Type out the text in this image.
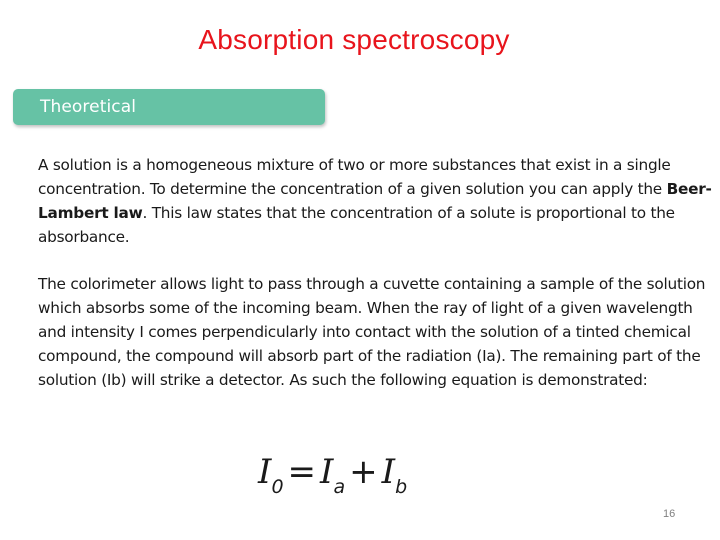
Absorption spectroscopy
Theoretical
A solution is a homogeneous mixture of two or more substances that exist in a single concentration. To determine the concentration of a given solution you can apply the Beer-Lambert law. This law states that the concentration of a solute is proportional to the absorbance.
The colorimeter allows light to pass through a cuvette containing a sample of the solution which absorbs some of the incoming beam. When the ray of light of a given wavelength and intensity I comes perpendicularly into contact with the solution of a tinted chemical compound, the compound will absorb part of the radiation (Ia). The remaining part of the solution (Ib) will strike a detector. As such the following equation is demonstrated:
$I_0 = I_a + I_b$
16
